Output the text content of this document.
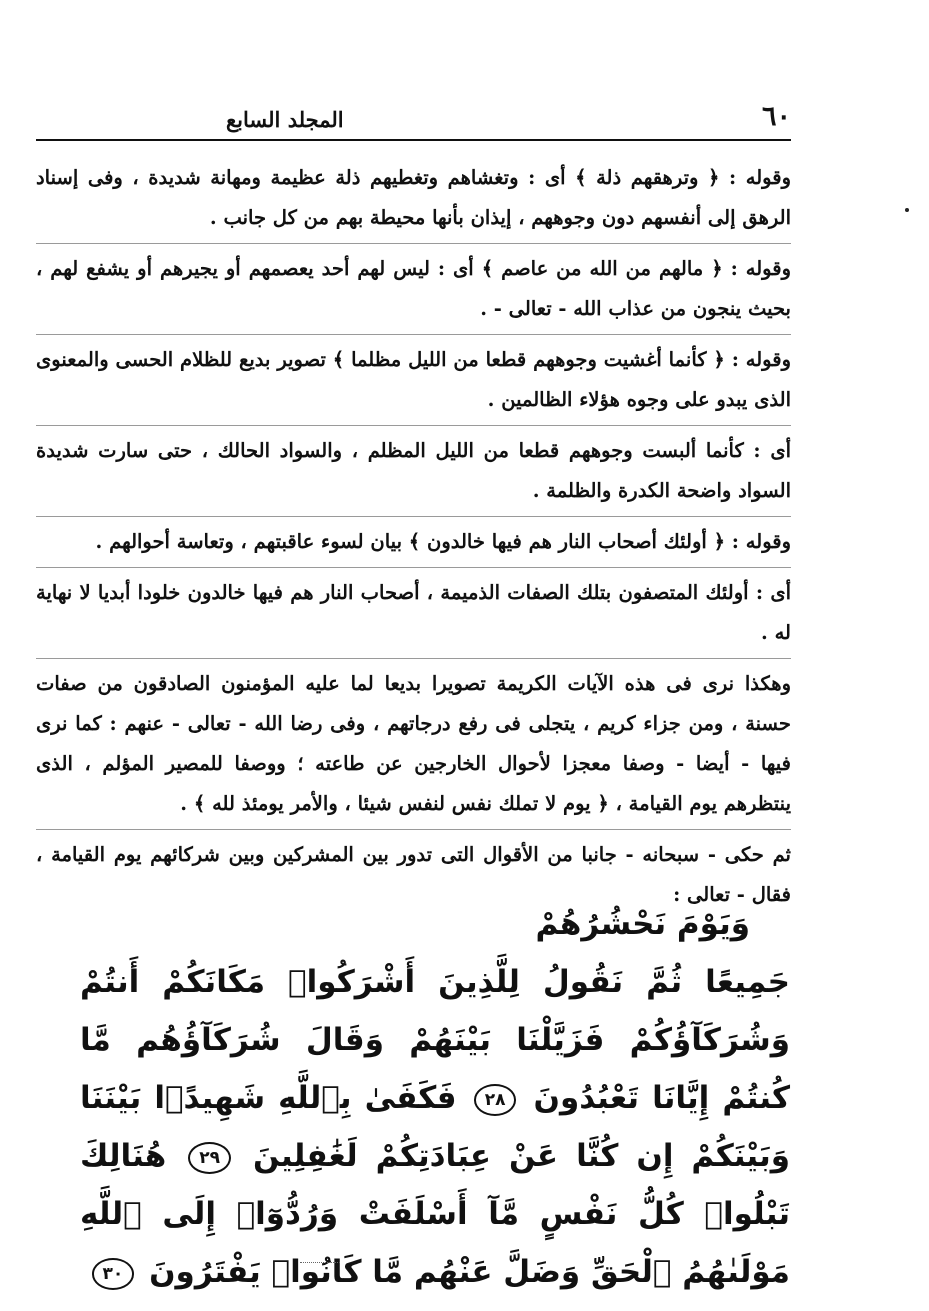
٦٠
المجلد السابع

وقوله : ﴿ وترهقهم ذلة ﴾ أى : وتغشاهم وتغطيهم ذلة عظيمة ومهانة شديدة ، وفى إسناد الرهق إلى أنفسهم دون وجوههم ، إيذان بأنها محيطة بهم من كل جانب .

وقوله : ﴿ مالهم من الله من عاصم ﴾ أى : ليس لهم أحد يعصمهم أو يجيرهم أو يشفع لهم ، بحيث ينجون من عذاب الله - تعالى - .

وقوله : ﴿ كأنما أغشيت وجوههم قطعا من الليل مظلما ﴾ تصوير بديع للظلام الحسى والمعنوى الذى يبدو على وجوه هؤلاء الظالمين .

أى : كأنما ألبست وجوههم قطعا من الليل المظلم ، والسواد الحالك ، حتى سارت شديدة السواد واضحة الكدرة والظلمة .

وقوله : ﴿ أولئك أصحاب النار هم فيها خالدون ﴾ بيان لسوء عاقبتهم ، وتعاسة أحوالهم .

أى : أولئك المتصفون بتلك الصفات الذميمة ، أصحاب النار هم فيها خالدون خلودا أبديا لا نهاية له .

وهكذا نرى فى هذه الآيات الكريمة تصويرا بديعا لما عليه المؤمنون الصادقون من صفات حسنة ، ومن جزاء كريم ، يتجلى فى رفع درجاتهم ، وفى رضا الله - تعالى - عنهم : كما نرى فيها - أيضا - وصفا معجزا لأحوال الخارجين عن طاعته ؛ ووصفا للمصير المؤلم ، الذى ينتظرهم يوم القيامة ، ﴿ يوم لا تملك نفس لنفس شيئا ، والأمر يومئذ لله ﴾ .

ثم حكى - سبحانه - جانبا من الأقوال التى تدور بين المشركين وبين شركائهم يوم القيامة ، فقال - تعالى :

وَيَوْمَ نَحْشُرُهُمْ
جَمِيعًا ثُمَّ نَقُولُ لِلَّذِينَ أَشْرَكُوا۟ مَكَانَكُمْ أَنتُمْ وَشُرَكَآؤُكُمْ فَزَيَّلْنَا بَيْنَهُمْ وَقَالَ شُرَكَآؤُهُم مَّا كُنتُمْ إِيَّانَا تَعْبُدُونَ ٢٨ فَكَفَىٰ بِٱللَّهِ شَهِيدًۢا بَيْنَنَا وَبَيْنَكُمْ إِن كُنَّا عَنْ عِبَادَتِكُمْ لَغَٰفِلِينَ ٢٩ هُنَالِكَ تَبْلُوا۟ كُلُّ نَفْسٍ مَّآ أَسْلَفَتْ وَرُدُّوٓا۟ إِلَى ٱللَّهِ مَوْلَىٰهُمُ ٱلْحَقِّ وَضَلَّ عَنْهُم مَّا كَانُوا۟ يَفْتَرُونَ ٣٠
